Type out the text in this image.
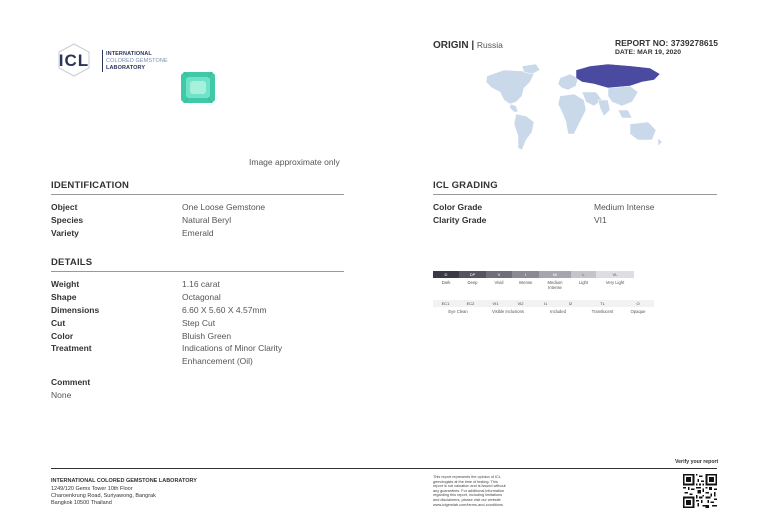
ICL	INTERNATIONAL
COLORED GEMSTONE
LABORATORY
Image approximate only
ORIGIN | Russia	REPORT NO: 3739278615
DATE: MAR 19, 2020
IDENTIFICATION
Object	One Loose Gemstone
Species	Natural Beryl
Variety	Emerald
DETAILS
Weight	1.16 carat
Shape	Octagonal
Dimensions	6.60 X 5.60 X 4.57mm
Cut	Step Cut
Color	Bluish Green
Treatment	Indications of Minor Clarity
Enhancement (Oil)
Comment
None
ICL GRADING
Color Grade	Medium Intense
Clarity Grade	VI1
D	DP	V	I	MI	L	VL
Dark	Deep	Vivid	Intense	Medium Intense
Light	Very Light
EC1	EC2	VI1	VI2	I1	I2	TL	O
Eye Clean	Visible Inclusions	Included	Translucent	Opaque
Verify your report
INTERNATIONAL COLORED GEMSTONE LABORATORY
1249/120 Gems Tower 10th Floor
Charoenkrung Road, Suriyawong, Bangrak
Bangkok 10500 Thailand
This report represents the opinion of ICL
gemologists at the time of testing. This
report is not valuation and is issued without
any guarantees. For additional information
regarding this report, including limitations
and disclaimers, please visit our website
www.iclgemlab.com/terms-and-conditions
